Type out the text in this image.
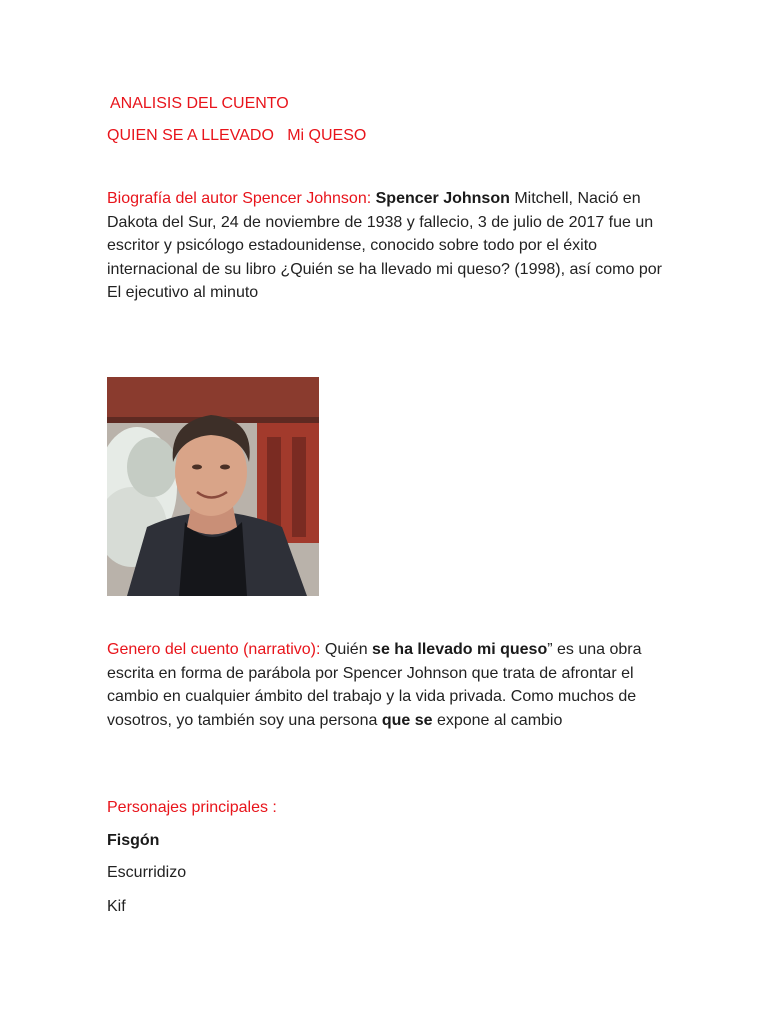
ANALISIS DEL CUENTO

QUIEN SE A LLEVADO   Mi QUESO

Biografía del autor Spencer Johnson: Spencer Johnson Mitchell, Nació en Dakota del Sur, 24 de noviembre de 1938 y fallecio, 3 de julio de 2017 fue un escritor y psicólogo estadounidense, conocido sobre todo por el éxito internacional de su libro ¿Quién se ha llevado mi queso? (1998), así como por El ejecutivo al minuto

Genero del cuento (narrativo): Quién se ha llevado mi queso” es una obra escrita en forma de parábola por Spencer Johnson que trata de afrontar el cambio en cualquier ámbito del trabajo y la vida privada. Como muchos de vosotros, yo también soy una persona que se expone al cambio

Personajes principales :

Fisgón

Escurridizo

Kif
